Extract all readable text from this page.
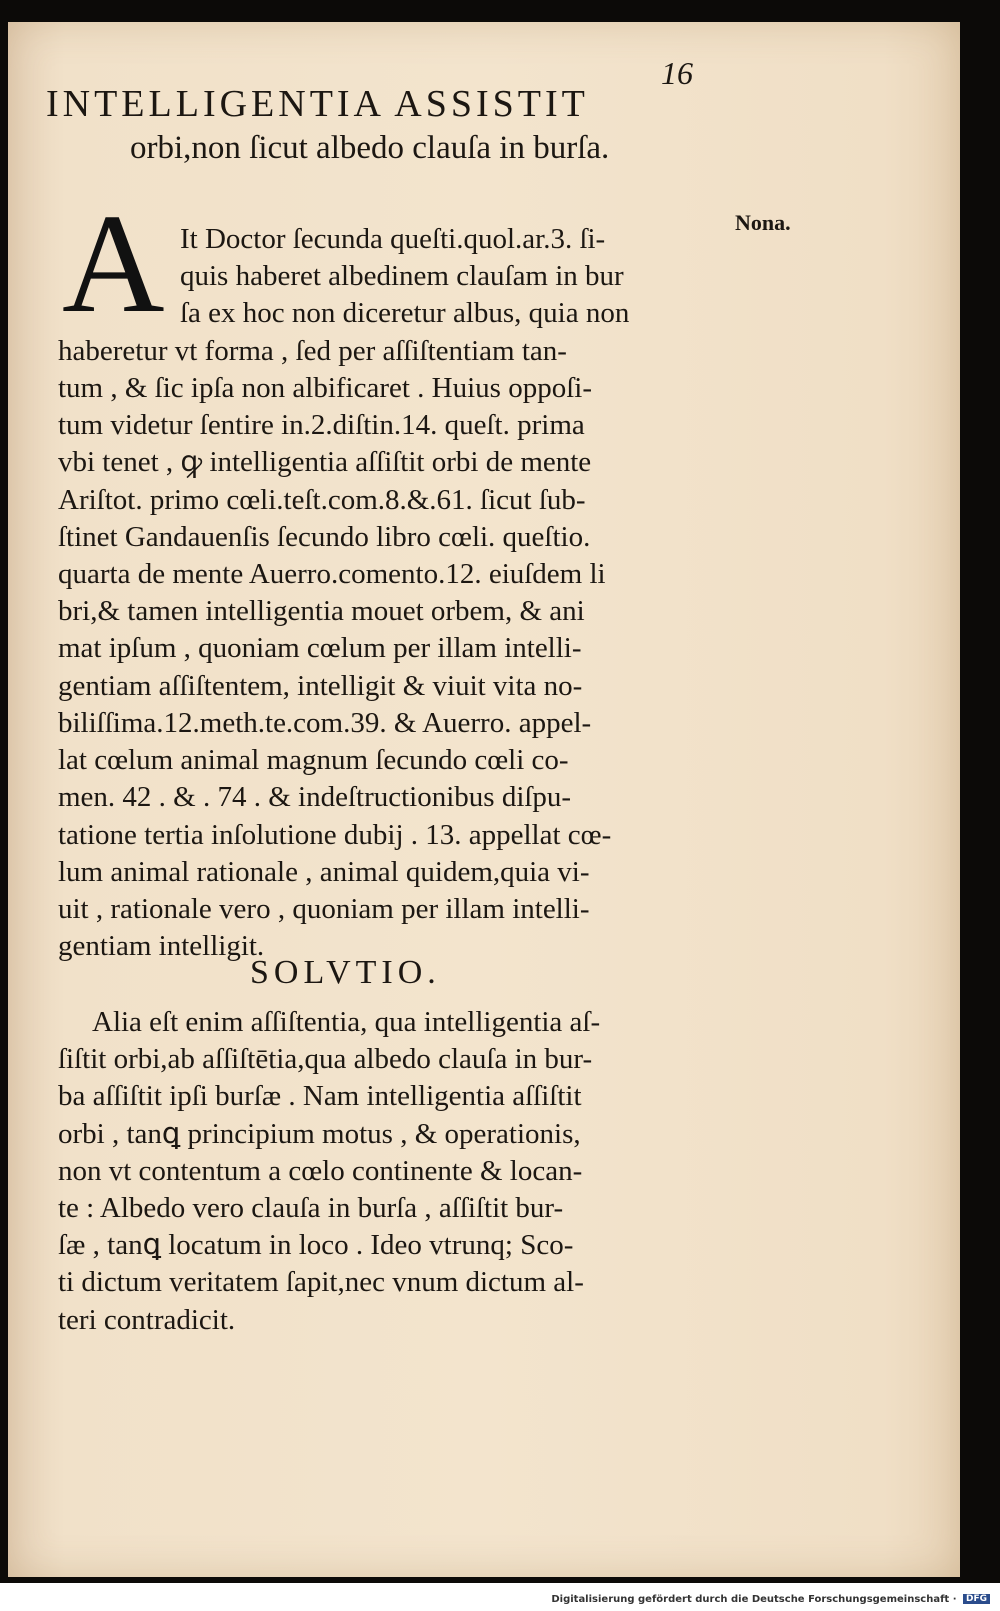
16
INTELLIGENTIA ASSISTIT
orbi,non ſicut albedo clauſa in burſa.
Nona.
A It Doctor ſecunda queſti.quol.ar.3. ſi-
quis haberet albedinem clauſam in bur
ſa ex hoc non diceretur albus, quia non
haberetur vt forma , ſed per aſſiſtentiam tan-
tum , & ſic ipſa non albificaret . Huius oppoſi-
tum videtur ſentire in.2.diſtin.14. queſt. prima
vbi tenet , ꝙ intelligentia aſſiſtit orbi de mente
Ariſtot. primo cœli.teſt.com.8.&.61. ſicut ſub-
ſtinet Gandauenſis ſecundo libro cœli. queſtio.
quarta de mente Auerro.comento.12. eiuſdem li
bri,& tamen intelligentia mouet orbem, & ani
mat ipſum , quoniam cœlum per illam intelli-
gentiam aſſiſtentem, intelligit & viuit vita no-
biliſſima.12.meth.te.com.39. & Auerro. appel-
lat cœlum animal magnum ſecundo cœli co-
men. 42 . & . 74 . & indeſtructionibus diſpu-
tatione tertia inſolutione dubij . 13. appellat cœ-
lum animal rationale , animal quidem,quia vi-
uit , rationale vero , quoniam per illam intelli-
gentiam intelligit.
SOLVTIO.
Alia eſt enim aſſiſtentia, qua intelligentia aſ-
ſiſtit orbi,ab aſſiſtētia,qua albedo clauſa in bur-
ba aſſiſtit ipſi burſæ . Nam intelligentia aſſiſtit
orbi , tanꝗ principium motus , & operationis,
non vt contentum a cœlo continente & locan-
te : Albedo vero clauſa in burſa , aſſiſtit bur-
ſæ , tanꝗ locatum in loco . Ideo vtrunq; Sco-
ti dictum veritatem ſapit,nec vnum dictum al-
teri contradicit.
Digitalisierung gefördert durch die Deutsche Forschungsgemeinschaft · DFG
